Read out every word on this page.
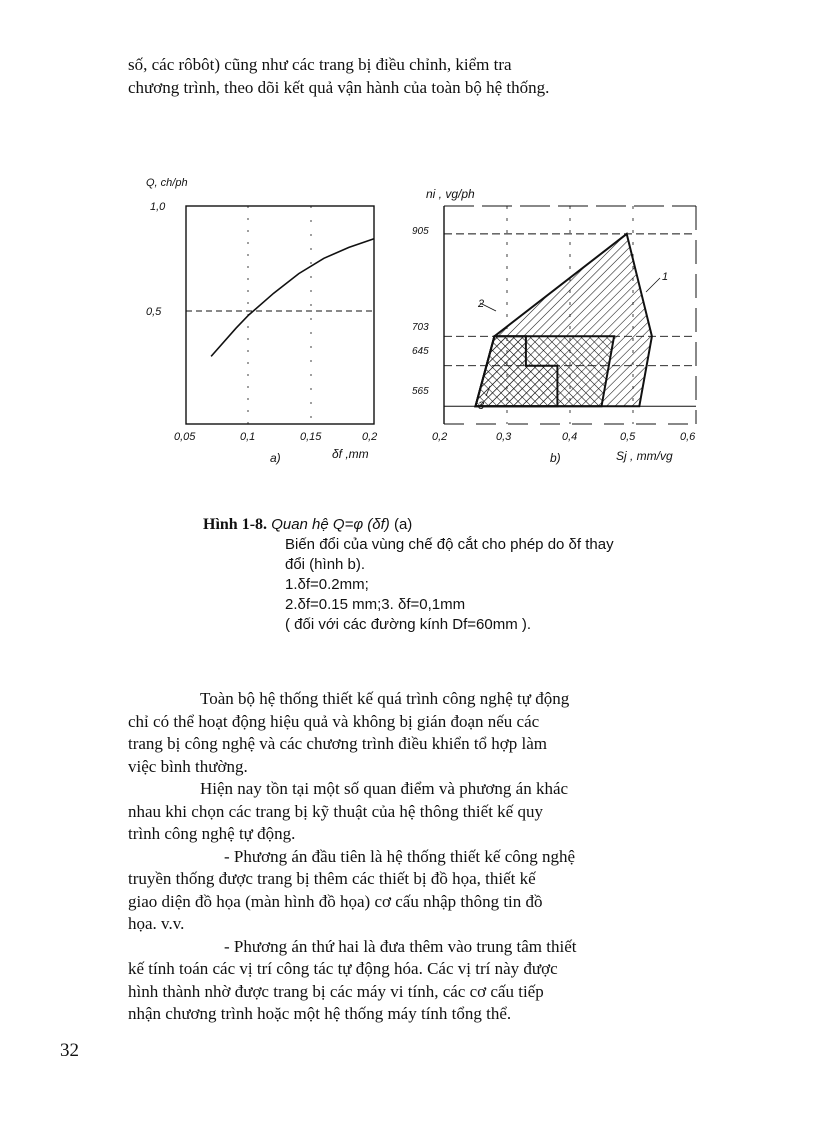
số, các rôbôt) cũng như các trang bị điều chỉnh, kiểm tra
chương trình, theo dõi kết quả vận hành của toàn bộ hệ thống.
Q, ch/ph
0,5
1,0
0,05	0,1	0,15	0,2
a)	δf ,mm
ni , vg/ph
905
703
645
565
0,2	0,3	0,4	0,5	0,6
b)	Sj , mm/vg
2
1
3
Hình 1-8. Quan hệ Q=φ (δf) (a)
Biến đổi của vùng chế độ cắt cho phép do δf thay
đổi (hình b).
1.δf=0.2mm;
2.δf=0.15 mm;3. δf=0,1mm
( đối với các đường kính Df=60mm ).
Toàn bộ hệ thống thiết kế quá trình công nghệ tự động
chỉ có thể hoạt động hiệu quả và không bị gián đoạn nếu các
trang bị công nghệ và các chương trình điều khiển tổ hợp làm
việc bình thường.
Hiện nay tồn tại một số quan điểm và phương án khác
nhau khi chọn các trang bị kỹ thuật của hệ thông thiết kế quy
trình công nghệ tự động.
- Phương án đầu tiên là hệ thống thiết kế công nghệ
truyền thống được trang bị thêm các thiết bị đồ họa, thiết kế
giao diện đồ họa (màn hình đồ họa) cơ cấu nhập thông tin đồ
họa. v.v.
- Phương án thứ hai là đưa thêm vào trung tâm thiết
kế tính toán các vị trí công tác tự động hóa. Các vị trí này được
hình thành nhờ được trang bị các máy vi tính, các cơ cấu tiếp
nhận chương trình hoặc một hệ thống máy tính tổng thể.
32
